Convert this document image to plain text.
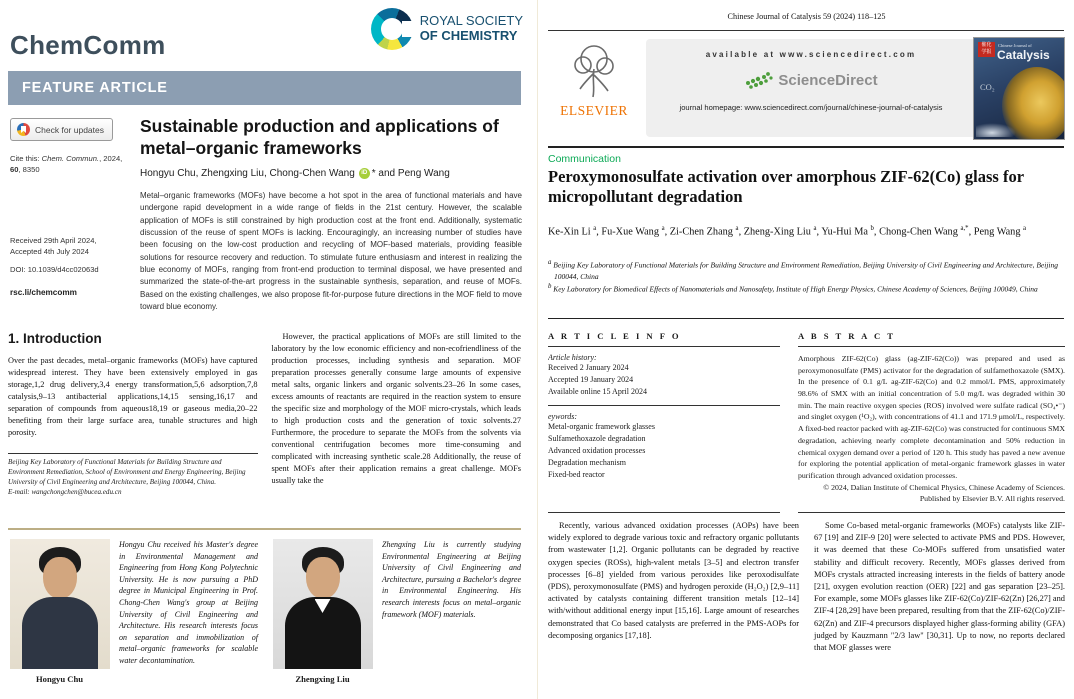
ChemComm
ROYAL SOCIETY
OF CHEMISTRY
FEATURE ARTICLE
Check for updates
Cite this: Chem. Commun., 2024,
60, 8350
Received 29th April 2024,
Accepted 4th July 2024
DOI: 10.1039/d4cc02063d
rsc.li/chemcomm
Sustainable production and applications of metal–organic frameworks
Hongyu Chu, Zhengxing Liu, Chong-Chen Wang	iD * and Peng Wang
Metal–organic frameworks (MOFs) have become a hot spot in the area of functional materials and have undergone rapid development in a wide range of fields in the 21st century. However, the scalable application of MOFs is still constrained by high production cost at the front end. Additionally, systematic discussion of the reuse of spent MOFs is lacking. Encouragingly, an increasing number of studies have been focusing on the low-cost production and recycling of MOF-based materials, providing feasible solutions for resource recovery and reduction. To stimulate future enthusiasm and interest in realizing the blue economy of MOFs, ranging from front-end production to terminal disposal, we have presented and summarized the state-of-the-art progress in the sustainable synthesis, separation, and reuse of MOFs. Based on the existing challenges, we also propose fit-for-purpose future directions in the MOF field to move toward blue economy.
1. Introduction
Over the past decades, metal–organic frameworks (MOFs) have captured widespread interest. They have been extensively employed in gas storage,1,2 drug delivery,3,4 energy transformation,5,6 adsorption,7,8 catalysis,9–13 antibacterial applications,14,15 sensing,16,17 and separation of compounds from aqueous18,19 or gaseous media,20–22 benefiting from their large surface area, tunable structures and high porosity.
Beijing Key Laboratory of Functional Materials for Building Structure and Environment Remediation, School of Environment and Energy Engineering, Beijing University of Civil Engineering and Architecture, Beijing 100044, China.
E-mail: wangchongchen@bucea.edu.cn
However, the practical applications of MOFs are still limited to the laboratory by the low economic efficiency and non-ecofriendliness of the production processes, including synthesis and separation. MOF preparation processes generally consume large amounts of expensive metal salts, organic linkers and organic solvents.23–26 In some cases, excess amounts of reactants are required in the reaction system to ensure the specific size and morphology of the MOF micro-crystals, which leads to high production costs and the generation of toxic solvents.27 Furthermore, the procedure to separate the MOFs from the solvents via conventional centrifugation becomes more time-consuming and complicated with increasing synthetic scale.28 Additionally, the reuse of spent MOFs after their application remains a great challenge. MOFs usually take the
Hongyu Chu
Hongyu Chu received his Master's degree in Environmental Management and Engineering from Hong Kong Polytechnic University. He is now pursuing a PhD degree in Municipal Engineering in Prof. Chong-Chen Wang's group at Beijing University of Civil Engineering and Architecture. His research interests focus on separation and immobilization of metal–organic frameworks for scalable water decontamination.
Zhengxing Liu
Zhengxing Liu is currently studying Environmental Engineering at Beijing University of Civil Engineering and Architecture, pursuing a Bachelor's degree in Environmental Engineering. His research interests focus on metal–organic framework (MOF) materials.
Chinese Journal of Catalysis 59 (2024) 118–125
ELSEVIER
available at www.sciencedirect.com
ScienceDirect
journal homepage: www.sciencedirect.com/journal/chinese-journal-of-catalysis
催化
学报
Chinese Journal of
Catalysis
CO₂
Communication
Peroxymonosulfate activation over amorphous ZIF-62(Co) glass for micropollutant degradation
Ke-Xin Li $^a$, Fu-Xue Wang $^a$, Zi-Chen Zhang $^a$, Zheng-Xing Liu $^a$, Yu-Hui Ma $^b$, Chong-Chen Wang $^{a,*}$, Peng Wang $^a$
$^a$ Beijing Key Laboratory of Functional Materials for Building Structure and Environment Remediation, Beijing University of Civil Engineering and Architecture, Beijing 100044, China
$^b$ Key Laboratory for Biomedical Effects of Nanomaterials and Nanosafety, Institute of High Energy Physics, Chinese Academy of Sciences, Beijing 100049, China
A R T I C L E I N F O
Article history:
Received 2 January 2024
Accepted 19 January 2024
Available online 15 April 2024
eywords:
Metal-organic framework glasses
Sulfamethoxazole degradation
Advanced oxidation processes
Degradation mechanism
Fixed-bed reactor
A B S T R A C T
Amorphous ZIF-62(Co) glass (ag-ZIF-62(Co)) was prepared and used as peroxymonosulfate (PMS) activator for the degradation of sulfamethoxazole (SMX). In the presence of 0.1 g/L ag-ZIF-62(Co) and 0.2 mmol/L PMS, approximately 98.6% of SMX with an initial concentration of 5.0 mg/L was degraded within 30 min. The main reactive oxygen species (ROS) involved were sulfate radical (SO₄•⁻) and singlet oxygen (¹O₂), with concentrations of 41.1 and 171.9 μmol/L, respectively. A fixed-bed reactor packed with ag-ZIF-62(Co) was constructed for continuous SMX degradation, achieving nearly complete decontamination and 50% reduction in chemical oxygen demand over a period of 120 h. This study has paved a new avenue for exploring the potential application of metal-organic framework glasses in water purification through advanced oxidation processes.
© 2024, Dalian Institute of Chemical Physics, Chinese Academy of Sciences.
Published by Elsevier B.V. All rights reserved.
Recently, various advanced oxidation processes (AOPs) have been widely explored to degrade various toxic and refractory organic pollutants from wastewater [1,2]. Organic pollutants can be degraded by reactive oxygen species (ROSs), high-valent metals [3–5] and electron transfer processes [6–8] yielded from various peroxides like peroxodisulfate (PDS), peroxymonosulfate (PMS) and hydrogen peroxide (H₂O₂) [2,9–11] activated by catalysts containing different transition metals [12–14] with/without additional energy input [15,16]. Large amount of researches demonstrated that Co based catalysts are preferred in the PMS-AOPs for decomposing organics [17,18].
Some Co-based metal-organic frameworks (MOFs) catalysts like ZIF-67 [19] and ZIF-9 [20] were selected to activate PMS and PDS. However, it was deemed that these Co-MOFs suffered from unsatisfied water stability and difficult recovery. Recently, MOFs glasses derived from MOFs crystals attracted increasing interests in the fields of battery anode [21], oxygen evolution reaction (OER) [22] and gas separation [23–25]. For example, some MOFs glasses like ZIF-62(Co)/ZIF-62(Zn) [26,27] and ZIF-4 [28,29] have been prepared, resulting from that the ZIF-62(Co)/ZIF-62(Zn) and ZIF-4 precursors displayed higher glass-forming ability (GFA) judged by Kauzmann "2/3 law" [30,31]. Up to now, no reports declared that MOF glasses were
